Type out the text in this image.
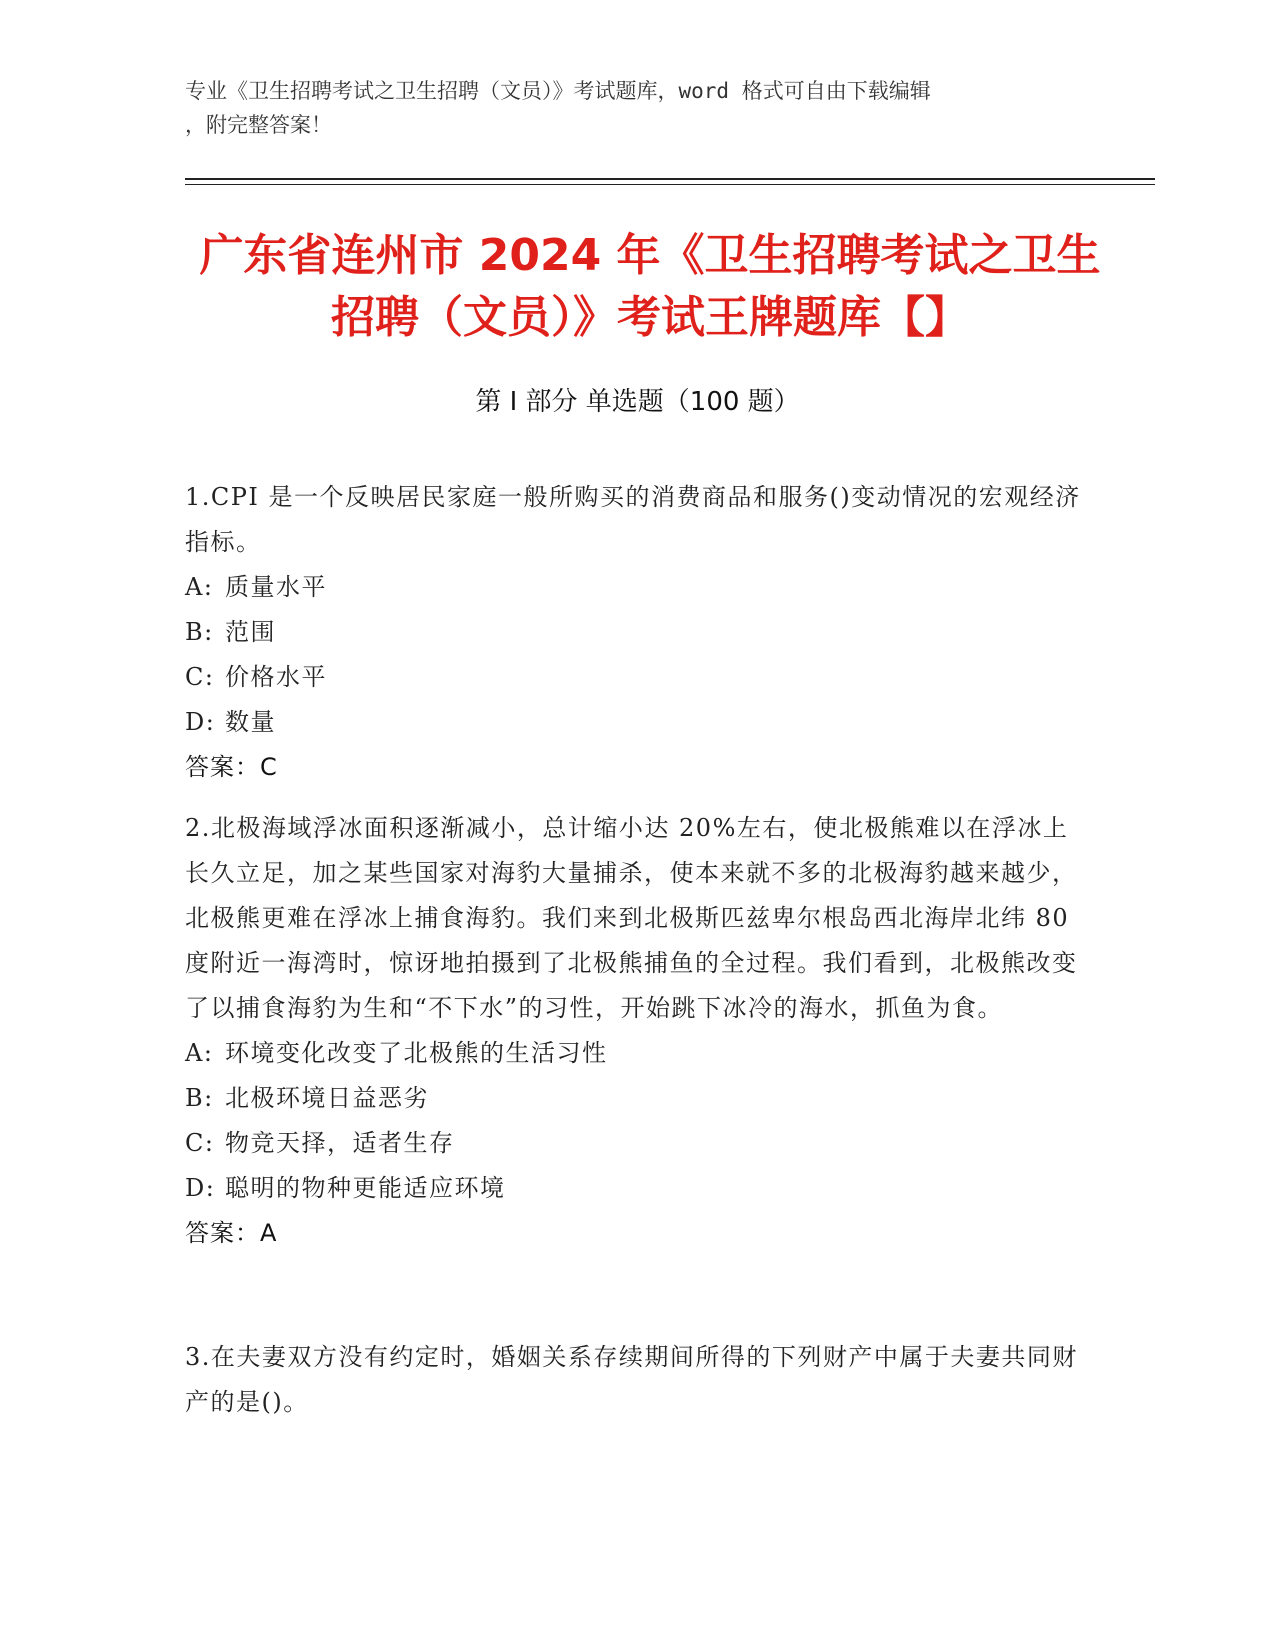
专业《卫生招聘考试之卫生招聘（文员）》考试题库，word 格式可自由下载编辑
，附完整答案！
广东省连州市 2024 年《卫生招聘考试之卫生
招聘（文员）》考试王牌题库【】
第 I 部分 单选题（100 题）
1.CPI 是一个反映居民家庭一般所购买的消费商品和服务()变动情况的宏观经济指标。
A: 质量水平
B: 范围
C: 价格水平
D: 数量
答案：C
2.北极海域浮冰面积逐渐减小，总计缩小达 20%左右，使北极熊难以在浮冰上长久立足，加之某些国家对海豹大量捕杀，使本来就不多的北极海豹越来越少，北极熊更难在浮冰上捕食海豹。我们来到北极斯匹兹卑尔根岛西北海岸北纬 80 度附近一海湾时，惊讶地拍摄到了北极熊捕鱼的全过程。我们看到，北极熊改变了以捕食海豹为生和“不下水”的习性，开始跳下冰冷的海水，抓鱼为食。
A: 环境变化改变了北极熊的生活习性
B: 北极环境日益恶劣
C: 物竞天择，适者生存
D: 聪明的物种更能适应环境
答案：A
3.在夫妻双方没有约定时，婚姻关系存续期间所得的下列财产中属于夫妻共同财产的是()。
